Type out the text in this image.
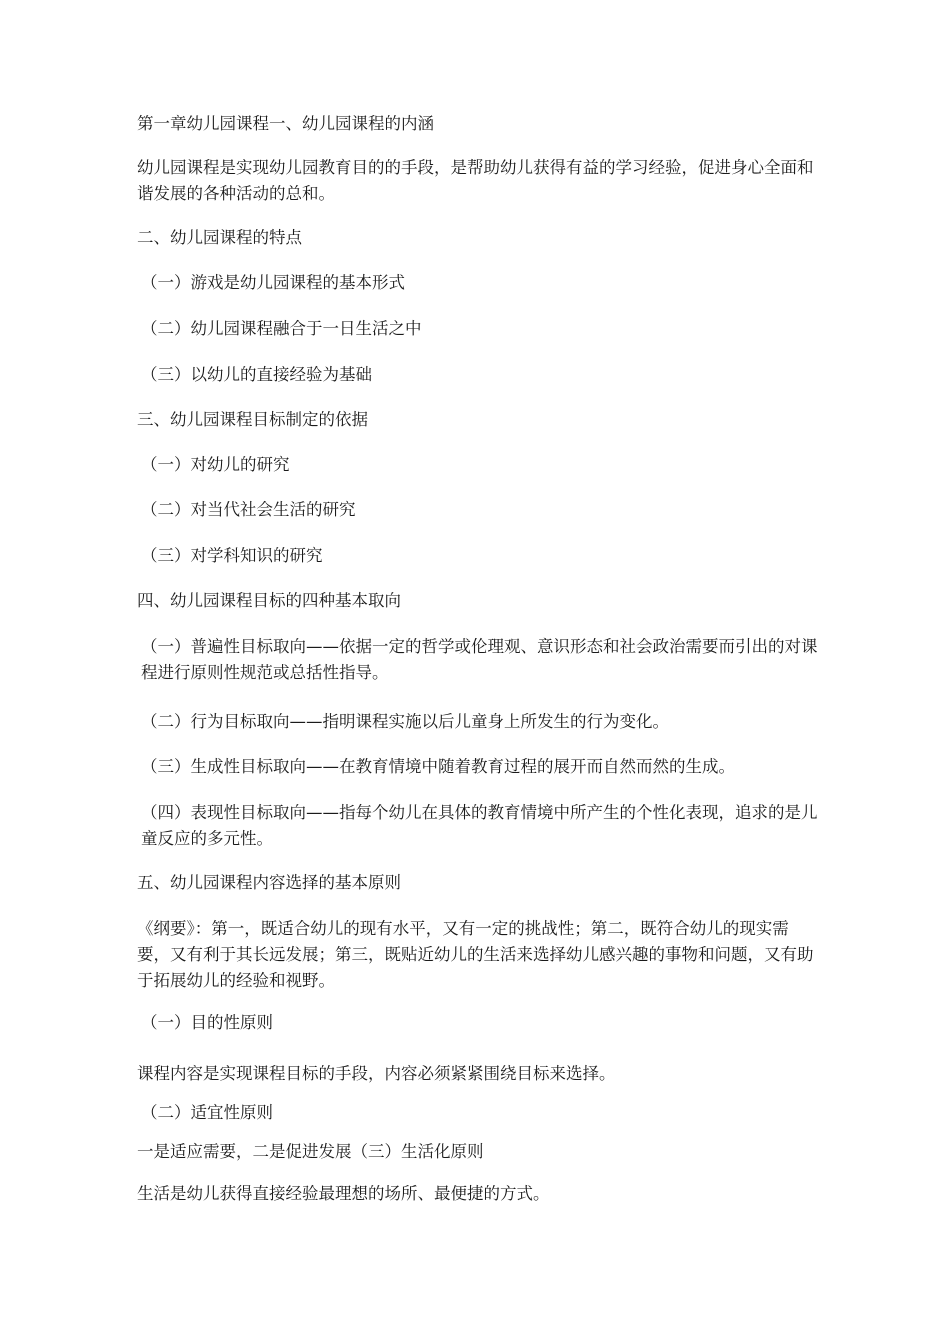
第一章幼儿园课程一、幼儿园课程的内涵

幼儿园课程是实现幼儿园教育目的的手段，是帮助幼儿获得有益的学习经验，促进身心全面和谐发展的各种活动的总和。

二、幼儿园课程的特点

（一）游戏是幼儿园课程的基本形式

（二）幼儿园课程融合于一日生活之中

（三）以幼儿的直接经验为基础

三、幼儿园课程目标制定的依据

（一）对幼儿的研究

（二）对当代社会生活的研究

（三）对学科知识的研究

四、幼儿园课程目标的四种基本取向

（一）普遍性目标取向——依据一定的哲学或伦理观、意识形态和社会政治需要而引出的对课程进行原则性规范或总括性指导。

（二）行为目标取向——指明课程实施以后儿童身上所发生的行为变化。

（三）生成性目标取向——在教育情境中随着教育过程的展开而自然而然的生成。

（四）表现性目标取向——指每个幼儿在具体的教育情境中所产生的个性化表现，追求的是儿童反应的多元性。

五、幼儿园课程内容选择的基本原则

《纲要》：第一，既适合幼儿的现有水平，又有一定的挑战性；第二，既符合幼儿的现实需要，又有利于其长远发展；第三，既贴近幼儿的生活来选择幼儿感兴趣的事物和问题，又有助于拓展幼儿的经验和视野。

（一）目的性原则

课程内容是实现课程目标的手段，内容必须紧紧围绕目标来选择。

（二）适宜性原则

一是适应需要，二是促进发展（三）生活化原则

生活是幼儿获得直接经验最理想的场所、最便捷的方式。
